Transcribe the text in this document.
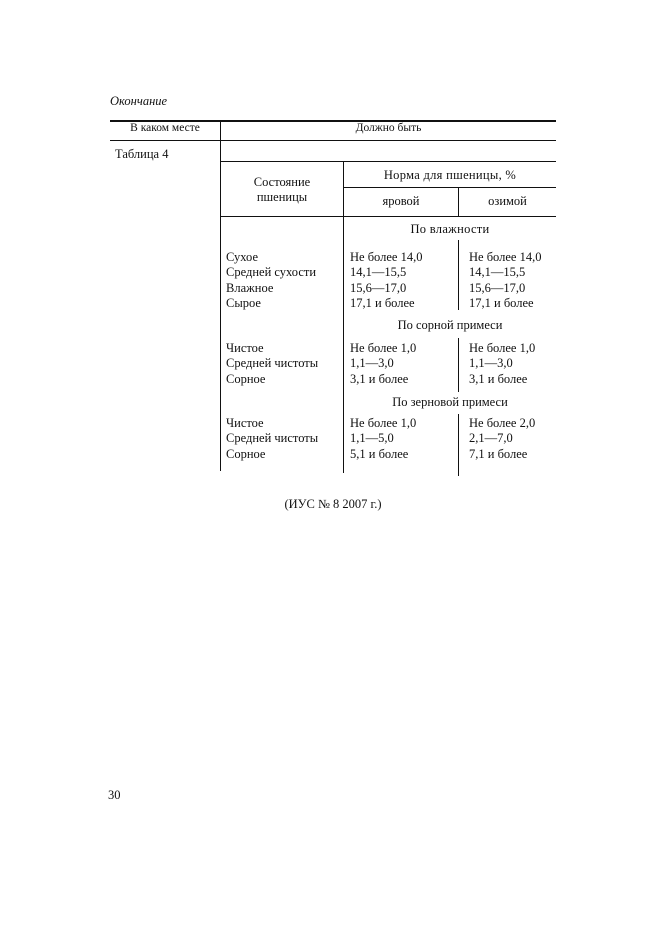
Окончание
В каком месте	Должно быть
Таблица 4
Состояние
пшеницы
Норма для пшеницы, %
яровой	озимой
По влажности
Сухое
Средней сухости
Влажное
Сырое
Не более 14,0
14,1—15,5
15,6—17,0
17,1 и более
Не более 14,0
14,1—15,5
15,6—17,0
17,1 и более
По сорной примеси
Чистое
Средней чистоты
Сорное
Не более 1,0
1,1—3,0
3,1 и более
Не более 1,0
1,1—3,0
3,1 и более
По зерновой примеси
Чистое
Средней чистоты
Сорное
Не более 1,0
1,1—5,0
5,1 и более
Не более 2,0
2,1—7,0
7,1 и более
(ИУС № 8 2007 г.)
30
